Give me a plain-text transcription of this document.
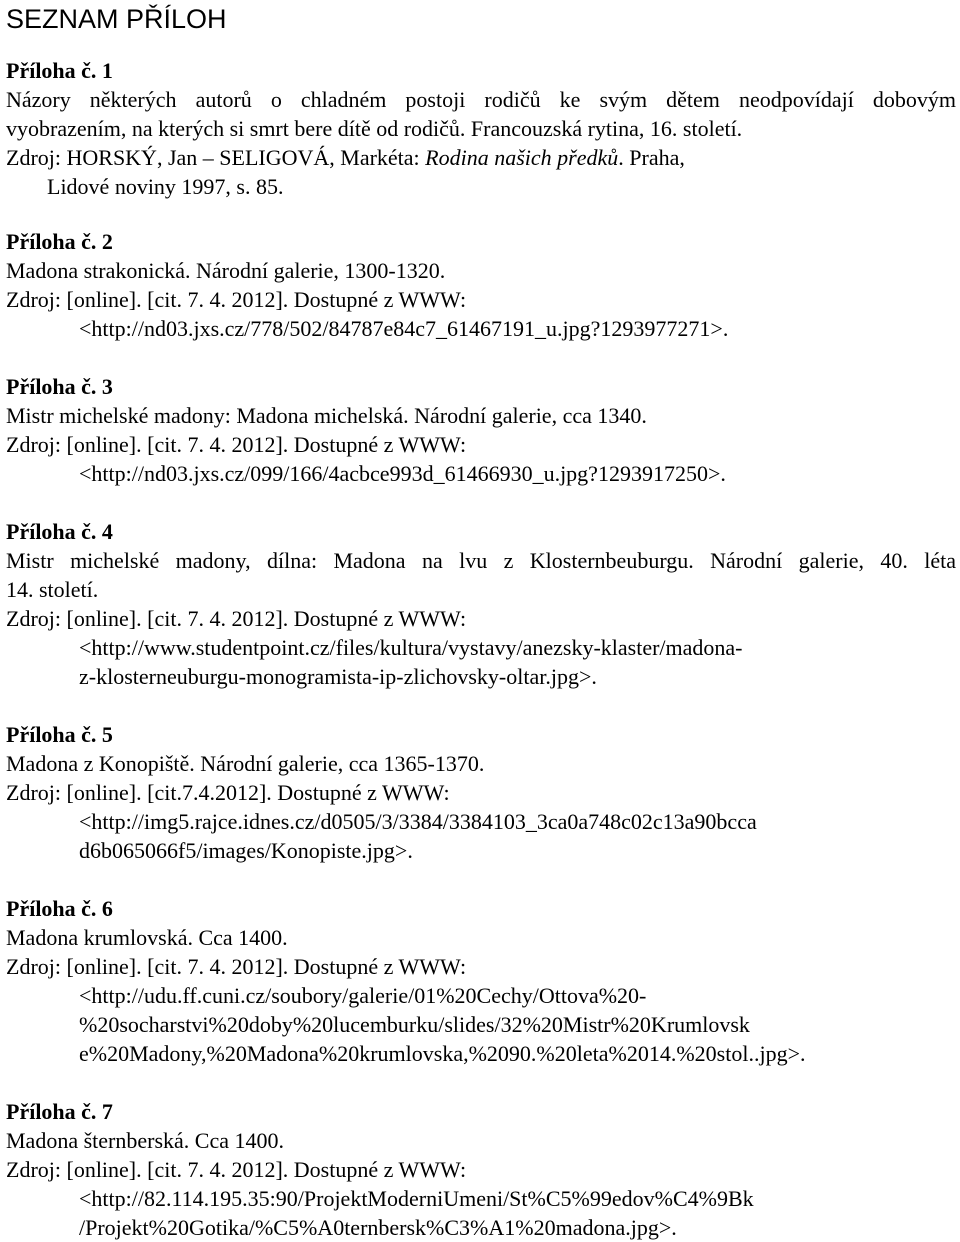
SEZNAM PŘÍLOH
Příloha č. 1
Názory některých autorů o chladném postoji rodičů ke svým dětem neodpovídají dobovým
vyobrazením, na kterých si smrt bere dítě od rodičů. Francouzská rytina, 16. století.
Zdroj: HORSKÝ, Jan – SELIGOVÁ, Markéta: Rodina našich předků. Praha,
Lidové noviny 1997, s. 85.
Příloha č. 2
Madona strakonická. Národní galerie, 1300-1320.
Zdroj: [online]. [cit. 7. 4. 2012]. Dostupné z WWW:
<http://nd03.jxs.cz/778/502/84787e84c7_61467191_u.jpg?1293977271>.
Příloha č. 3
Mistr michelské madony: Madona michelská. Národní galerie, cca 1340.
Zdroj: [online]. [cit. 7. 4. 2012]. Dostupné z WWW:
<http://nd03.jxs.cz/099/166/4acbce993d_61466930_u.jpg?1293917250>.
Příloha č. 4
Mistr michelské madony, dílna: Madona na lvu z Klosternbeuburgu. Národní galerie, 40. léta
14. století.
Zdroj: [online]. [cit. 7. 4. 2012]. Dostupné z WWW:
<http://www.studentpoint.cz/files/kultura/vystavy/anezsky-klaster/madona-
z-klosterneuburgu-monogramista-ip-zlichovsky-oltar.jpg>.
Příloha č. 5
Madona z Konopiště. Národní galerie, cca 1365-1370.
Zdroj: [online]. [cit.7.4.2012]. Dostupné z WWW:
<http://img5.rajce.idnes.cz/d0505/3/3384/3384103_3ca0a748c02c13a90bcca
d6b065066f5/images/Konopiste.jpg>.
Příloha č. 6
Madona krumlovská. Cca 1400.
Zdroj: [online]. [cit. 7. 4. 2012]. Dostupné z WWW:
<http://udu.ff.cuni.cz/soubory/galerie/01%20Cechy/Ottova%20-
%20socharstvi%20doby%20lucemburku/slides/32%20Mistr%20Krumlovsk
e%20Madony,%20Madona%20krumlovska,%2090.%20leta%2014.%20stol..jpg>.
Příloha č. 7
Madona šternberská. Cca 1400.
Zdroj: [online]. [cit. 7. 4. 2012]. Dostupné z WWW:
<http://82.114.195.35:90/ProjektModerniUmeni/St%C5%99edov%C4%9Bk
/Projekt%20Gotika/%C5%A0ternbersk%C3%A1%20madona.jpg>.
